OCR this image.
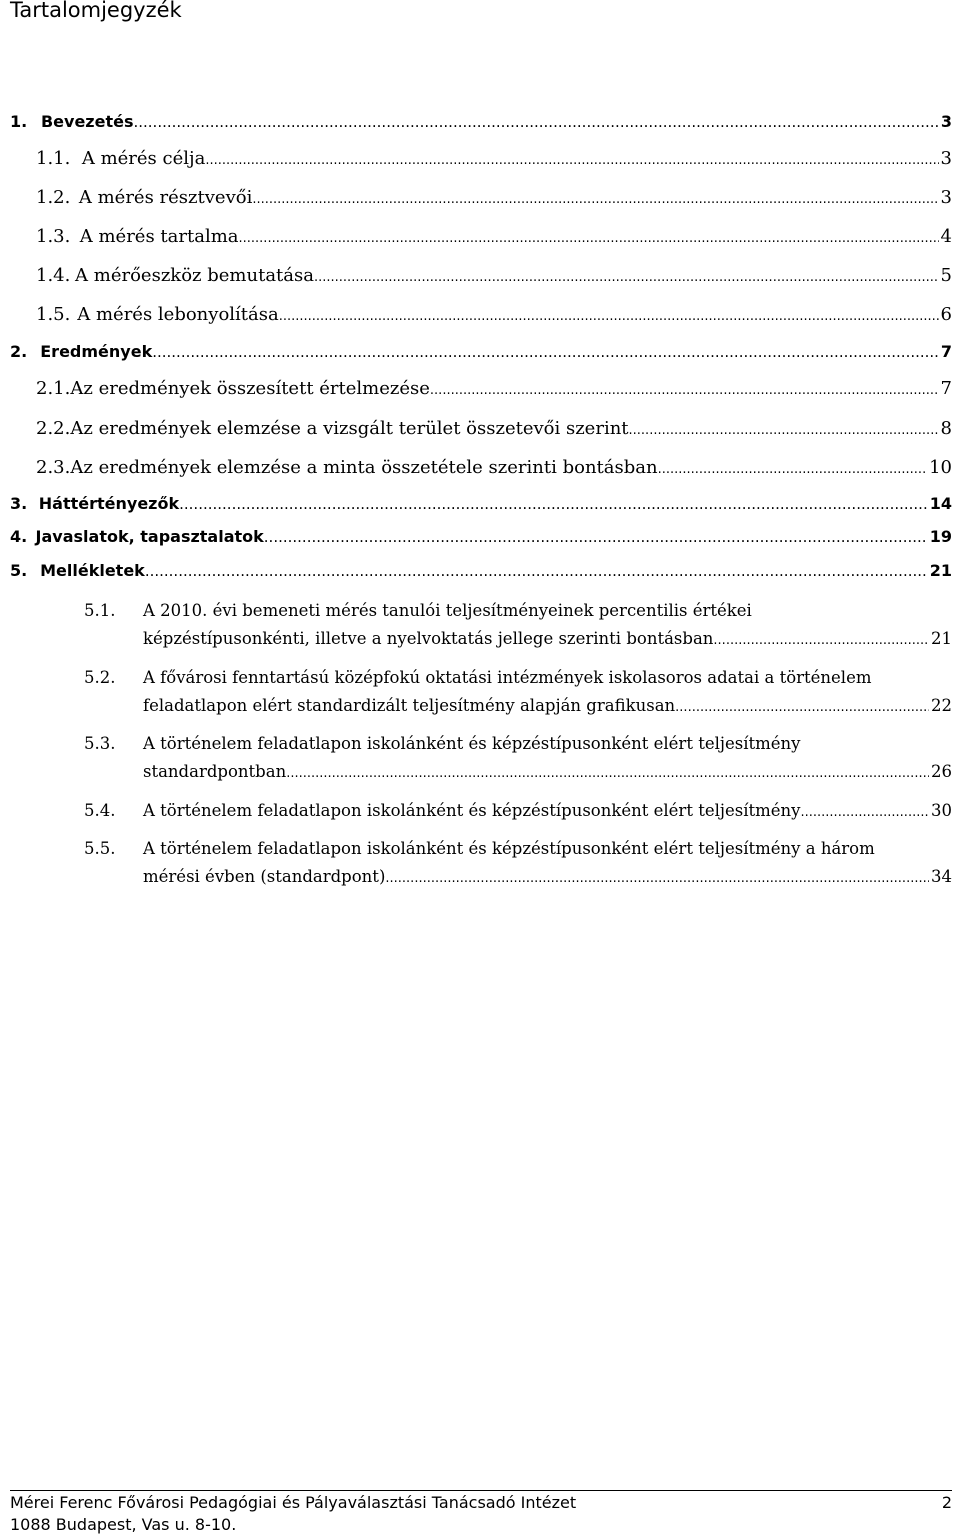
Tartalomjegyzék
1. Bevezetés .....	3
1.1. A mérés célja .....	3
1.2. A mérés résztvevői .....	3
1.3. A mérés tartalma .....	4
1.4. A mérőeszköz bemutatása .....	5
1.5. A mérés lebonyolítása .....	6
2. Eredmények .....	7
2.1. Az eredmények összesített értelmezése .....	7
2.2. Az eredmények elemzése a vizsgált terület összetevői szerint .....	8
2.3. Az eredmények elemzése a minta összetétele szerinti bontásban .....	10
3. Háttértényezők .....	14
4. Javaslatok, tapasztalatok .....	19
5. Mellékletek .....	21
5.1. A 2010. évi bemeneti mérés tanulói teljesítményeinek percentilis értékei
képzéstípusonkénti, illetve a nyelvoktatás jellege szerinti bontásban .....	21
5.2. A fővárosi fenntartású középfokú oktatási intézmények iskolasoros adatai a történelem
feladatlapon elért standardizált teljesítmény alapján grafikusan .....	22
5.3. A történelem feladatlapon iskolánként és képzéstípusonként elért teljesítmény
standardpontban .....	26
5.4. A történelem feladatlapon iskolánként és képzéstípusonként elért teljesítmény .....	30
5.5. A történelem feladatlapon iskolánként és képzéstípusonként elért teljesítmény a három
mérési évben (standardpont) .....	34
Mérei Ferenc Fővárosi Pedagógiai és Pályaválasztási Tanácsadó Intézet	2
1088 Budapest, Vas u. 8-10.
